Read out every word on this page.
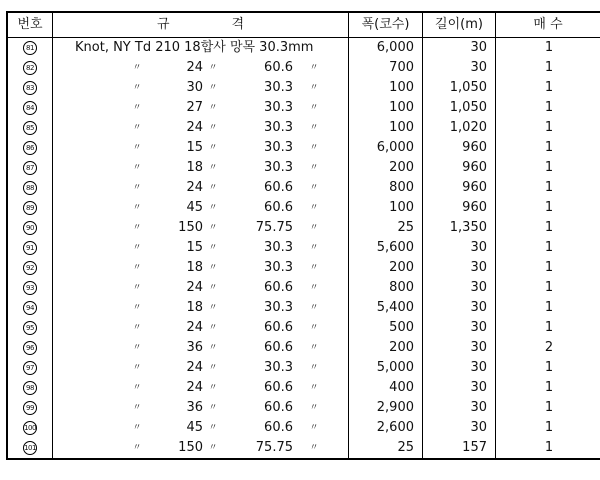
번호	규 격	폭(코수)	길이(m)	매 수
81	Knot, NY Td 210 18합사 망목 30.3mm	6,000	30	1
82	〃 24 〃 60.6 〃	700	30	1
83	〃 30 〃 30.3 〃	100	1,050	1
84	〃 27 〃 30.3 〃	100	1,050	1
85	〃 24 〃 30.3 〃	100	1,020	1
86	〃 15 〃 30.3 〃	6,000	960	1
87	〃 18 〃 30.3 〃	200	960	1
88	〃 24 〃 60.6 〃	800	960	1
89	〃 45 〃 60.6 〃	100	960	1
90	〃 150 〃 75.75 〃	25	1,350	1
91	〃 15 〃 30.3 〃	5,600	30	1
92	〃 18 〃 30.3 〃	200	30	1
93	〃 24 〃 60.6 〃	800	30	1
94	〃 18 〃 30.3 〃	5,400	30	1
95	〃 24 〃 60.6 〃	500	30	1
96	〃 36 〃 60.6 〃	200	30	2
97	〃 24 〃 30.3 〃	5,000	30	1
98	〃 24 〃 60.6 〃	400	30	1
99	〃 36 〃 60.6 〃	2,900	30	1
100	〃 45 〃 60.6 〃	2,600	30	1
101	〃 150 〃 75.75 〃	25	157	1
